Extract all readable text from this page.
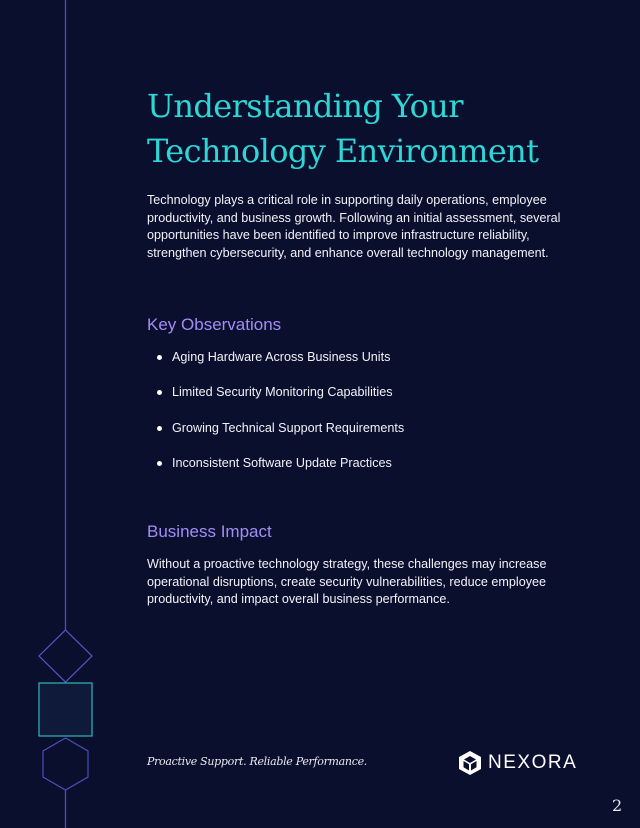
Understanding Your Technology Environment

Technology plays a critical role in supporting daily operations, employee productivity, and business growth. Following an initial assessment, several opportunities have been identified to improve infrastructure reliability, strengthen cybersecurity, and enhance overall technology management.

Key Observations
Aging Hardware Across Business Units
Limited Security Monitoring Capabilities
Growing Technical Support Requirements
Inconsistent Software Update Practices
Business Impact

Without a proactive technology strategy, these challenges may increase operational disruptions, create security vulnerabilities, reduce employee productivity, and impact overall business performance.

Proactive Support. Reliable Performance.	NEXORA
2
